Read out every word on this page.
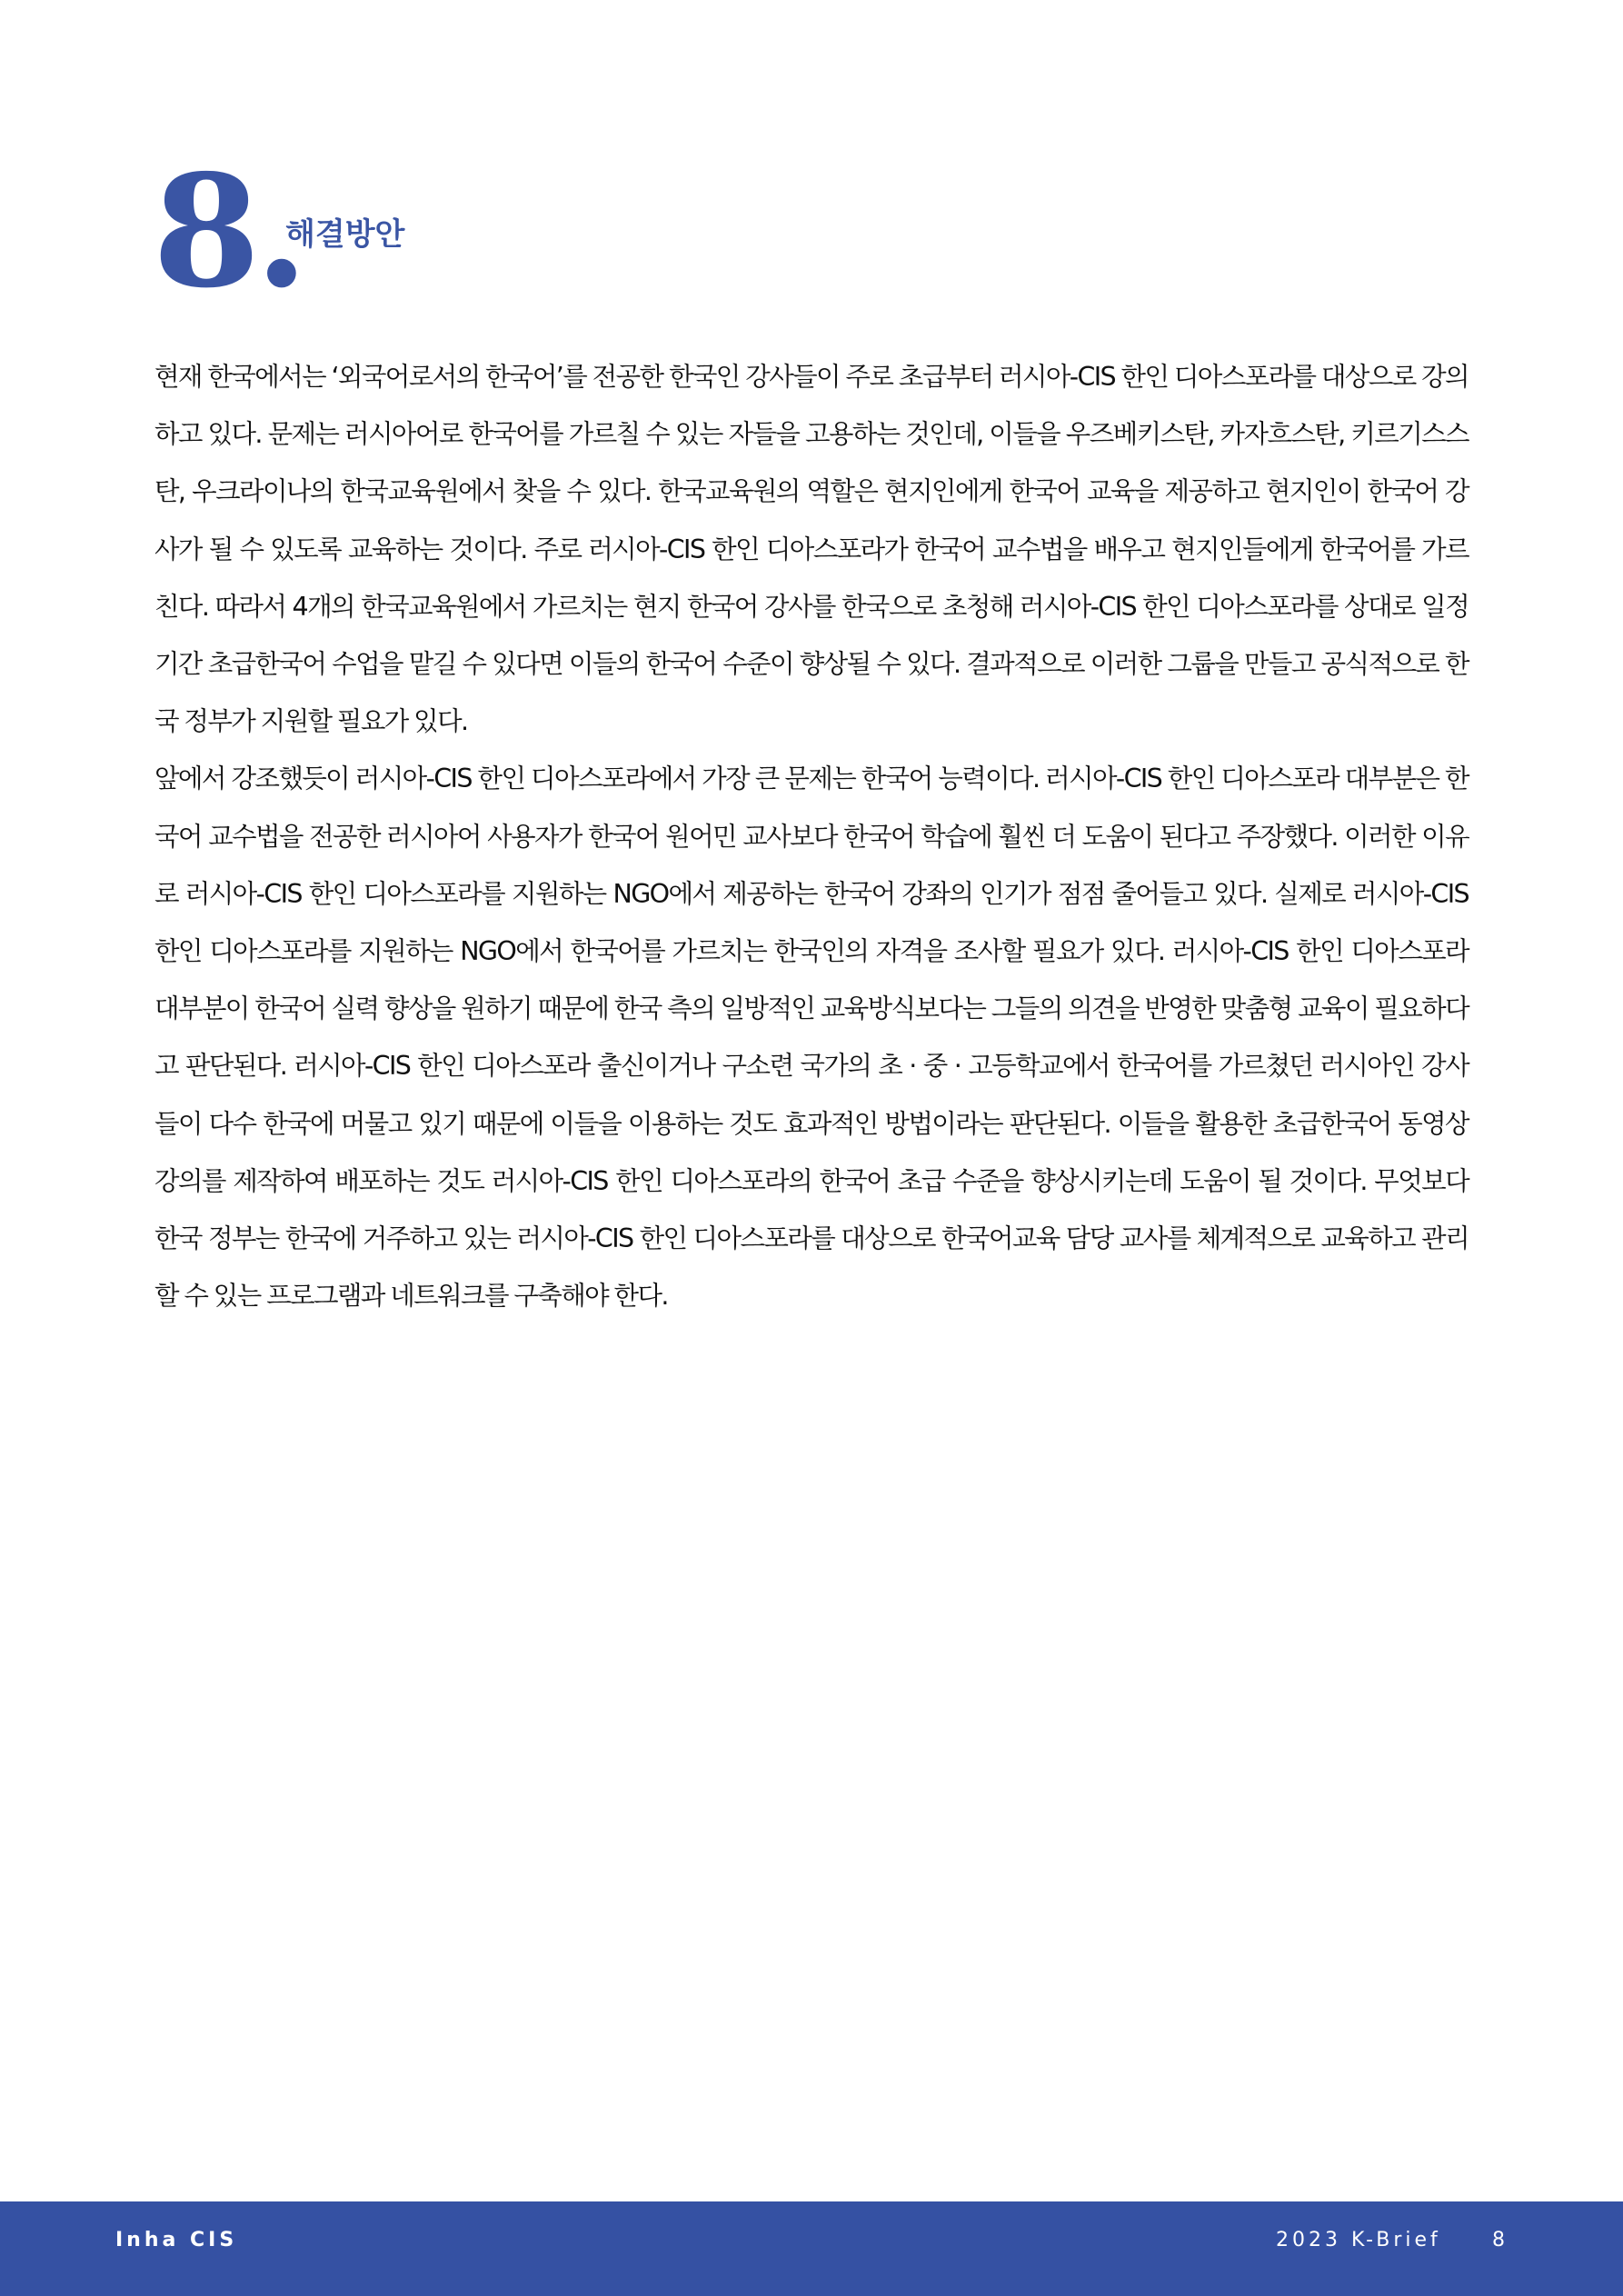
8.
해결방안

현재 한국에서는 ‘외국어로서의 한국어’를 전공한 한국인 강사들이 주로 초급부터 러시아-CIS 한인 디아스포라를 대상으로 강의하고 있다. 문제는 러시아어로 한국어를 가르칠 수 있는 자들을 고용하는 것인데, 이들을 우즈베키스탄, 카자흐스탄, 키르기스스탄, 우크라이나의 한국교육원에서 찾을 수 있다. 한국교육원의 역할은 현지인에게 한국어 교육을 제공하고 현지인이 한국어 강사가 될 수 있도록 교육하는 것이다. 주로 러시아-CIS 한인 디아스포라가 한국어 교수법을 배우고 현지인들에게 한국어를 가르친다. 따라서 4개의 한국교육원에서 가르치는 현지 한국어 강사를 한국으로 초청해 러시아-CIS 한인 디아스포라를 상대로 일정 기간 초급한국어 수업을 맡길 수 있다면 이들의 한국어 수준이 향상될 수 있다. 결과적으로 이러한 그룹을 만들고 공식적으로 한국 정부가 지원할 필요가 있다.

앞에서 강조했듯이 러시아-CIS 한인 디아스포라에서 가장 큰 문제는 한국어 능력이다. 러시아-CIS 한인 디아스포라 대부분은 한국어 교수법을 전공한 러시아어 사용자가 한국어 원어민 교사보다 한국어 학습에 훨씬 더 도움이 된다고 주장했다. 이러한 이유로 러시아-CIS 한인 디아스포라를 지원하는 NGO에서 제공하는 한국어 강좌의 인기가 점점 줄어들고 있다. 실제로 러시아-CIS 한인 디아스포라를 지원하는 NGO에서 한국어를 가르치는 한국인의 자격을 조사할 필요가 있다. 러시아-CIS 한인 디아스포라 대부분이 한국어 실력 향상을 원하기 때문에 한국 측의 일방적인 교육방식보다는 그들의 의견을 반영한 맞춤형 교육이 필요하다고 판단된다. 러시아-CIS 한인 디아스포라 출신이거나 구소련 국가의 초 · 중 · 고등학교에서 한국어를 가르쳤던 러시아인 강사들이 다수 한국에 머물고 있기 때문에 이들을 이용하는 것도 효과적인 방법이라는 판단된다. 이들을 활용한 초급한국어 동영상 강의를 제작하여 배포하는 것도 러시아-CIS 한인 디아스포라의 한국어 초급 수준을 향상시키는데 도움이 될 것이다. 무엇보다 한국 정부는 한국에 거주하고 있는 러시아-CIS 한인 디아스포라를 대상으로 한국어교육 담당 교사를 체계적으로 교육하고 관리할 수 있는 프로그램과 네트워크를 구축해야 한다.

Inha CIS	2023 K-Brief	8
